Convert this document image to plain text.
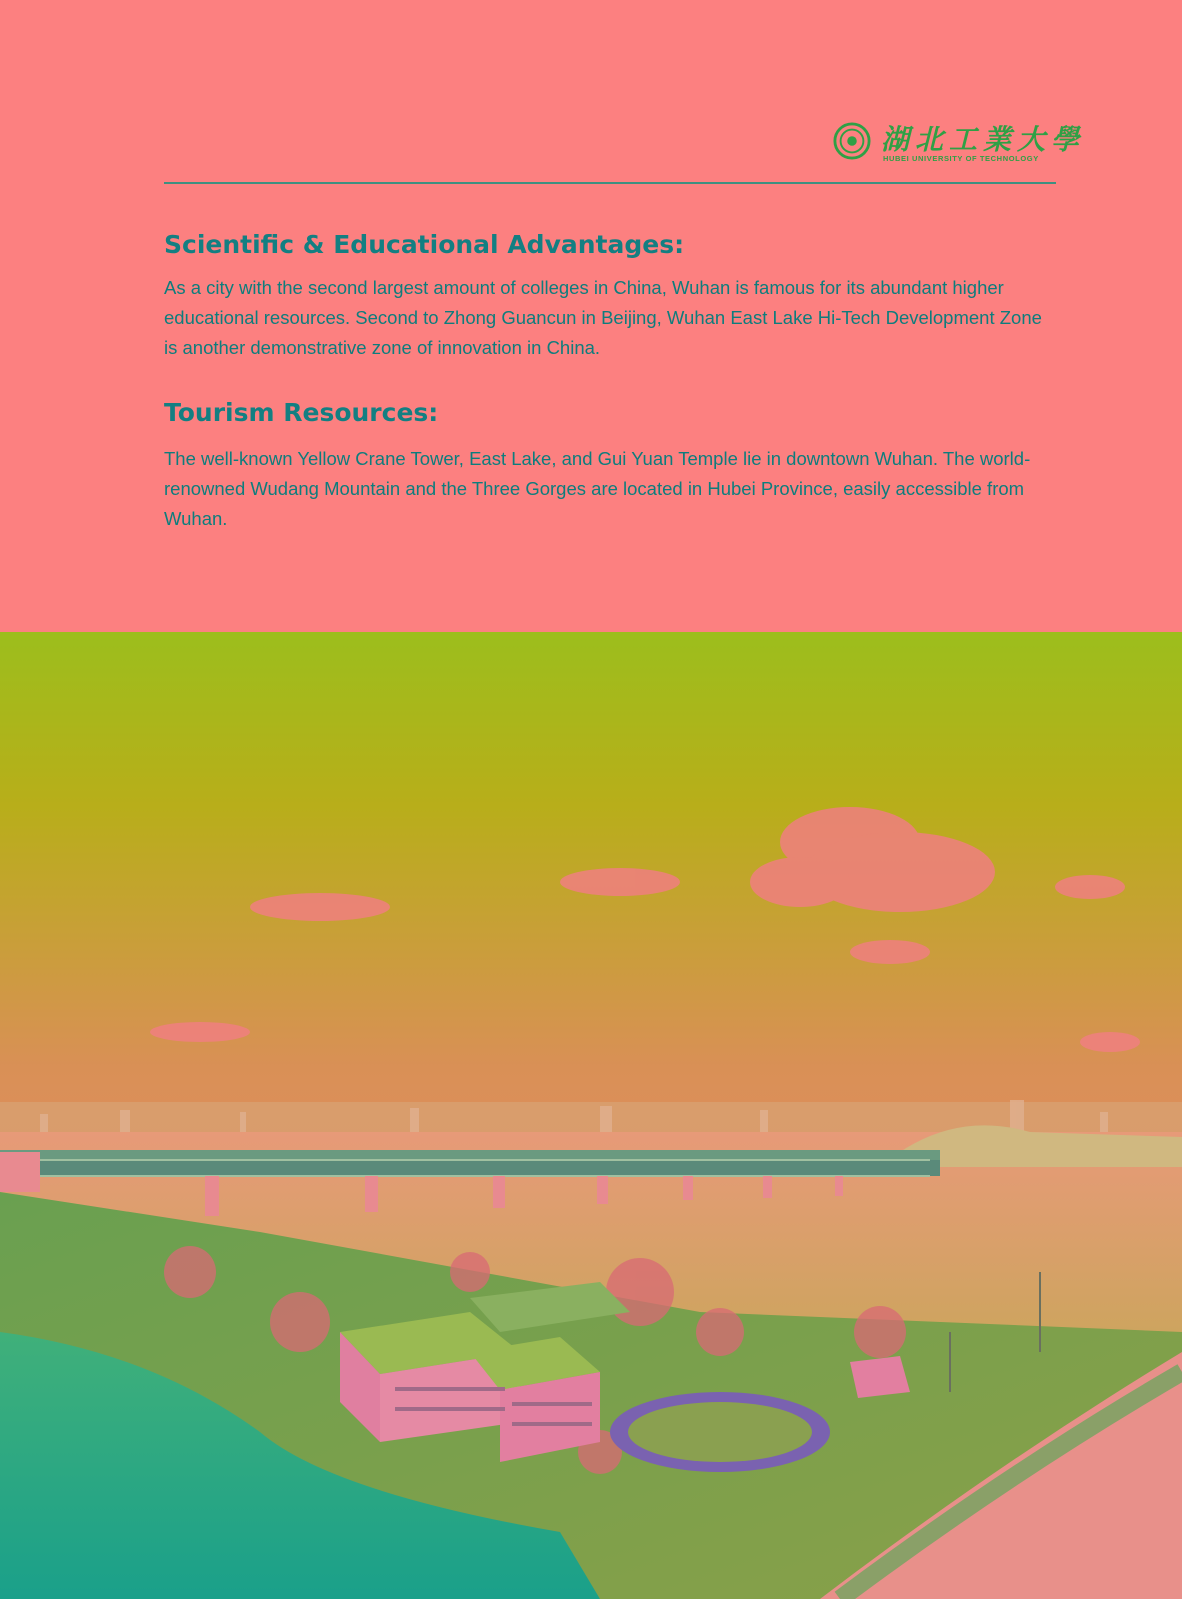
湖北工業大學
HUBEI UNIVERSITY OF TECHNOLOGY
Scientific & Educational Advantages:

As a city with the second largest amount of colleges in China, Wuhan is famous for its abundant higher educational resources. Second to Zhong Guancun in Beijing, Wuhan East Lake Hi-Tech Development Zone is another demonstrative zone of innovation in China.

Tourism Resources:

The well-known Yellow Crane Tower, East Lake, and Gui Yuan Temple lie in downtown Wuhan. The world-renowned Wudang Mountain and the Three Gorges are located in Hubei Province, easily accessible from Wuhan.
